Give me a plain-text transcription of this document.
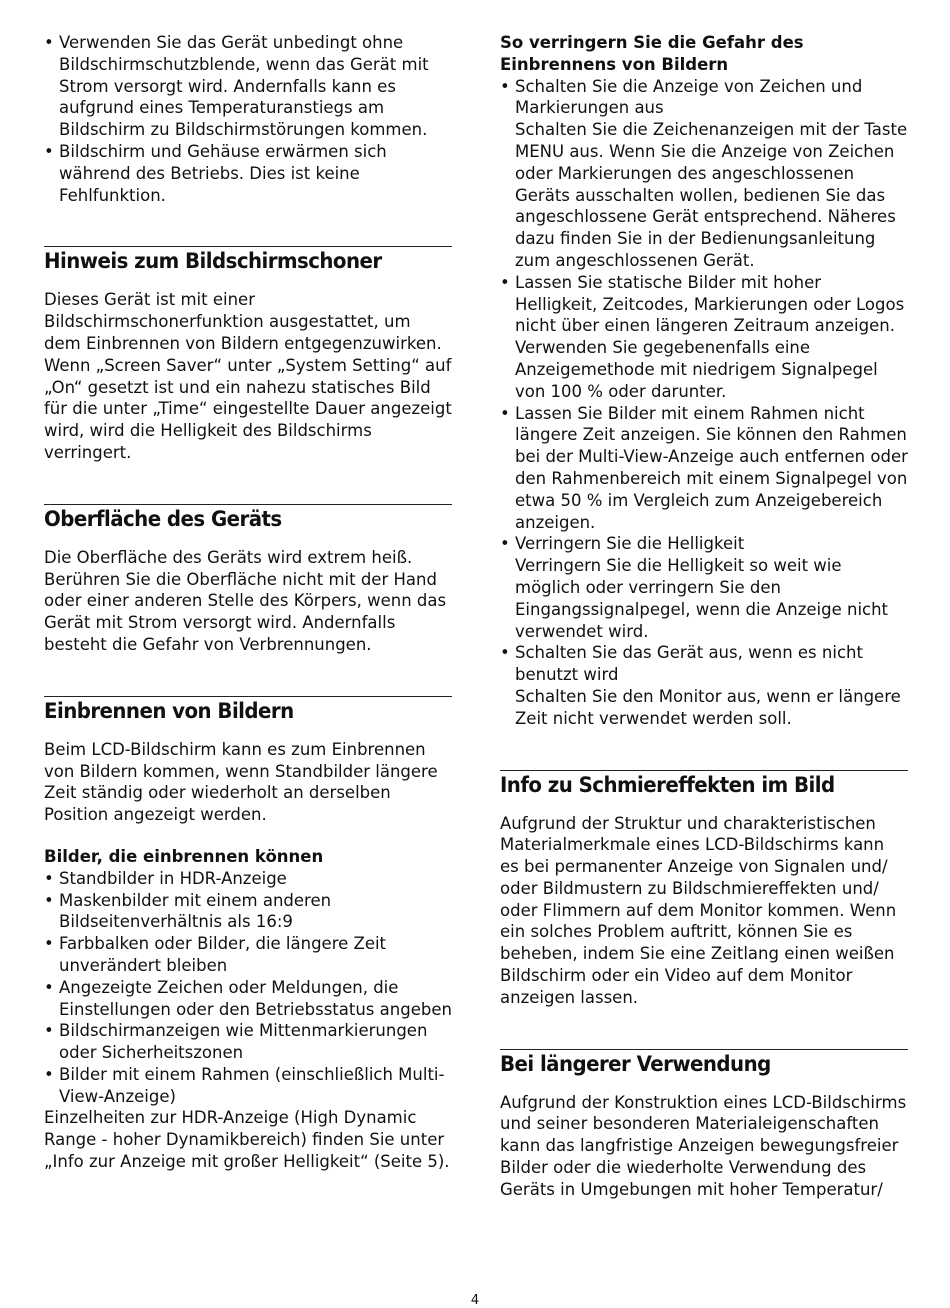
• Verwenden Sie das Gerät unbedingt ohne Bildschirmschutzblende, wenn das Gerät mit Strom versorgt wird. Andernfalls kann es aufgrund eines Temperaturanstiegs am Bildschirm zu Bildschirmstörungen kommen.
• Bildschirm und Gehäuse erwärmen sich während des Betriebs. Dies ist keine Fehlfunktion.
Hinweis zum Bildschirmschoner

Dieses Gerät ist mit einer Bildschirmschonerfunktion ausgestattet, um dem Einbrennen von Bildern entgegenzuwirken. Wenn „Screen Saver“ unter „System Setting“ auf „On“ gesetzt ist und ein nahezu statisches Bild für die unter „Time“ eingestellte Dauer angezeigt wird, wird die Helligkeit des Bildschirms verringert.

Oberfläche des Geräts

Die Oberfläche des Geräts wird extrem heiß. Berühren Sie die Oberfläche nicht mit der Hand oder einer anderen Stelle des Körpers, wenn das Gerät mit Strom versorgt wird. Andernfalls besteht die Gefahr von Verbrennungen.

Einbrennen von Bildern

Beim LCD-Bildschirm kann es zum Einbrennen von Bildern kommen, wenn Standbilder längere Zeit ständig oder wiederholt an derselben Position angezeigt werden.

Bilder, die einbrennen können
• Standbilder in HDR-Anzeige
• Maskenbilder mit einem anderen Bildseitenverhältnis als 16:9
• Farbbalken oder Bilder, die längere Zeit unverändert bleiben
• Angezeigte Zeichen oder Meldungen, die Einstellungen oder den Betriebsstatus angeben
• Bildschirmanzeigen wie Mittenmarkierungen oder Sicherheitszonen
• Bilder mit einem Rahmen (einschließlich Multi-View-Anzeige)

Einzelheiten zur HDR-Anzeige (High Dynamic Range - hoher Dynamikbereich) finden Sie unter „Info zur Anzeige mit großer Helligkeit“ (Seite 5).

So verringern Sie die Gefahr des Einbrennens von Bildern
• Schalten Sie die Anzeige von Zeichen und Markierungen aus
Schalten Sie die Zeichenanzeigen mit der Taste MENU aus. Wenn Sie die Anzeige von Zeichen oder Markierungen des angeschlossenen Geräts ausschalten wollen, bedienen Sie das angeschlossene Gerät entsprechend. Näheres dazu finden Sie in der Bedienungsanleitung zum angeschlossenen Gerät.
• Lassen Sie statische Bilder mit hoher Helligkeit, Zeitcodes, Markierungen oder Logos nicht über einen längeren Zeitraum anzeigen. Verwenden Sie gegebenenfalls eine Anzeigemethode mit niedrigem Signalpegel von 100 % oder darunter.
• Lassen Sie Bilder mit einem Rahmen nicht längere Zeit anzeigen. Sie können den Rahmen bei der Multi-View-Anzeige auch entfernen oder den Rahmenbereich mit einem Signalpegel von etwa 50 % im Vergleich zum Anzeigebereich anzeigen.
• Verringern Sie die Helligkeit
Verringern Sie die Helligkeit so weit wie möglich oder verringern Sie den Eingangssignalpegel, wenn die Anzeige nicht verwendet wird.
• Schalten Sie das Gerät aus, wenn es nicht benutzt wird
Schalten Sie den Monitor aus, wenn er längere Zeit nicht verwendet werden soll.
Info zu Schmiereffekten im Bild

Aufgrund der Struktur und charakteristischen Materialmerkmale eines LCD-Bildschirms kann es bei permanenter Anzeige von Signalen und/ oder Bildmustern zu Bildschmiereffekten und/ oder Flimmern auf dem Monitor kommen. Wenn ein solches Problem auftritt, können Sie es beheben, indem Sie eine Zeitlang einen weißen Bildschirm oder ein Video auf dem Monitor anzeigen lassen.

Bei längerer Verwendung

Aufgrund der Konstruktion eines LCD-Bildschirms und seiner besonderen Materialeigenschaften kann das langfristige Anzeigen bewegungsfreier Bilder oder die wiederholte Verwendung des Geräts in Umgebungen mit hoher Temperatur/

4
